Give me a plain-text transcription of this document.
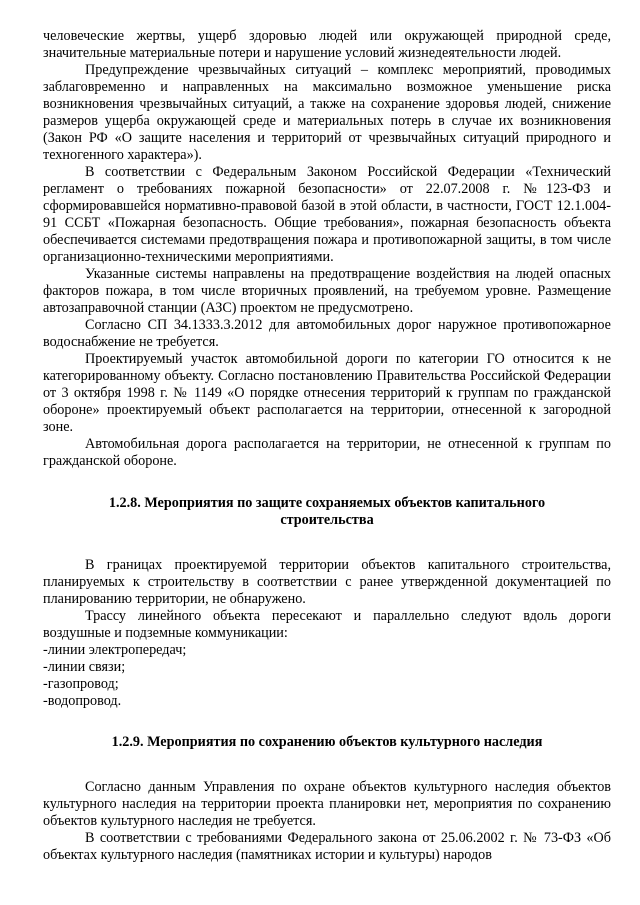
человеческие жертвы, ущерб здоровью людей или окружающей природной среде, значительные материальные потери и нарушение условий жизнедеятельности людей.

Предупреждение чрезвычайных ситуаций – комплекс мероприятий, проводимых заблаговременно и направленных на максимально возможное уменьшение риска возникновения чрезвычайных ситуаций, а также на сохранение здоровья людей, снижение размеров ущерба окружающей среде и материальных потерь в случае их возникновения (Закон РФ «О защите населения и территорий от чрезвычайных ситуаций природного и техногенного характера»).

В соответствии с Федеральным Законом Российской Федерации «Технический регламент о требованиях пожарной безопасности» от 22.07.2008 г. №123-ФЗ и сформировавшейся нормативно-правовой базой в этой области, в частности, ГОСТ 12.1.004-91 ССБТ «Пожарная безопасность. Общие требования», пожарная безопасность объекта обеспечивается системами предотвращения пожара и противопожарной защиты, в том числе организационно-техническими мероприятиями.

Указанные системы направлены на предотвращение воздействия на людей опасных факторов пожара, в том числе вторичных проявлений, на требуемом уровне. Размещение автозаправочной станции (АЗС) проектом не предусмотрено.

Согласно СП 34.1333.3.2012 для автомобильных дорог наружное противопожарное водоснабжение не требуется.

Проектируемый участок автомобильной дороги по категории ГО относится к не категорированному объекту. Согласно постановлению Правительства Российской Федерации от 3 октября 1998 г. № 1149 «О порядке отнесения территорий к группам по гражданской обороне» проектируемый объект располагается на территории, отнесенной к загородной зоне.

Автомобильная дорога располагается на территории, не отнесенной к группам по гражданской обороне.

1.2.8. Мероприятия по защите сохраняемых объектов капитального строительства

В границах проектируемой территории объектов капитального строительства, планируемых к строительству в соответствии с ранее утвержденной документацией по планированию территории, не обнаружено.

Трассу линейного объекта пересекают и параллельно следуют вдоль дороги воздушные и подземные коммуникации:

-линии электропередач;

-линии связи;

-газопровод;

-водопровод.

1.2.9. Мероприятия по сохранению объектов культурного наследия

Согласно данным Управления по охране объектов культурного наследия объектов культурного наследия на территории проекта планировки нет, мероприятия по сохранению объектов культурного наследия не требуется.

В соответствии с требованиями Федерального закона от 25.06.2002 г. № 73-ФЗ «Об объектах культурного наследия (памятниках истории и культуры) народов
